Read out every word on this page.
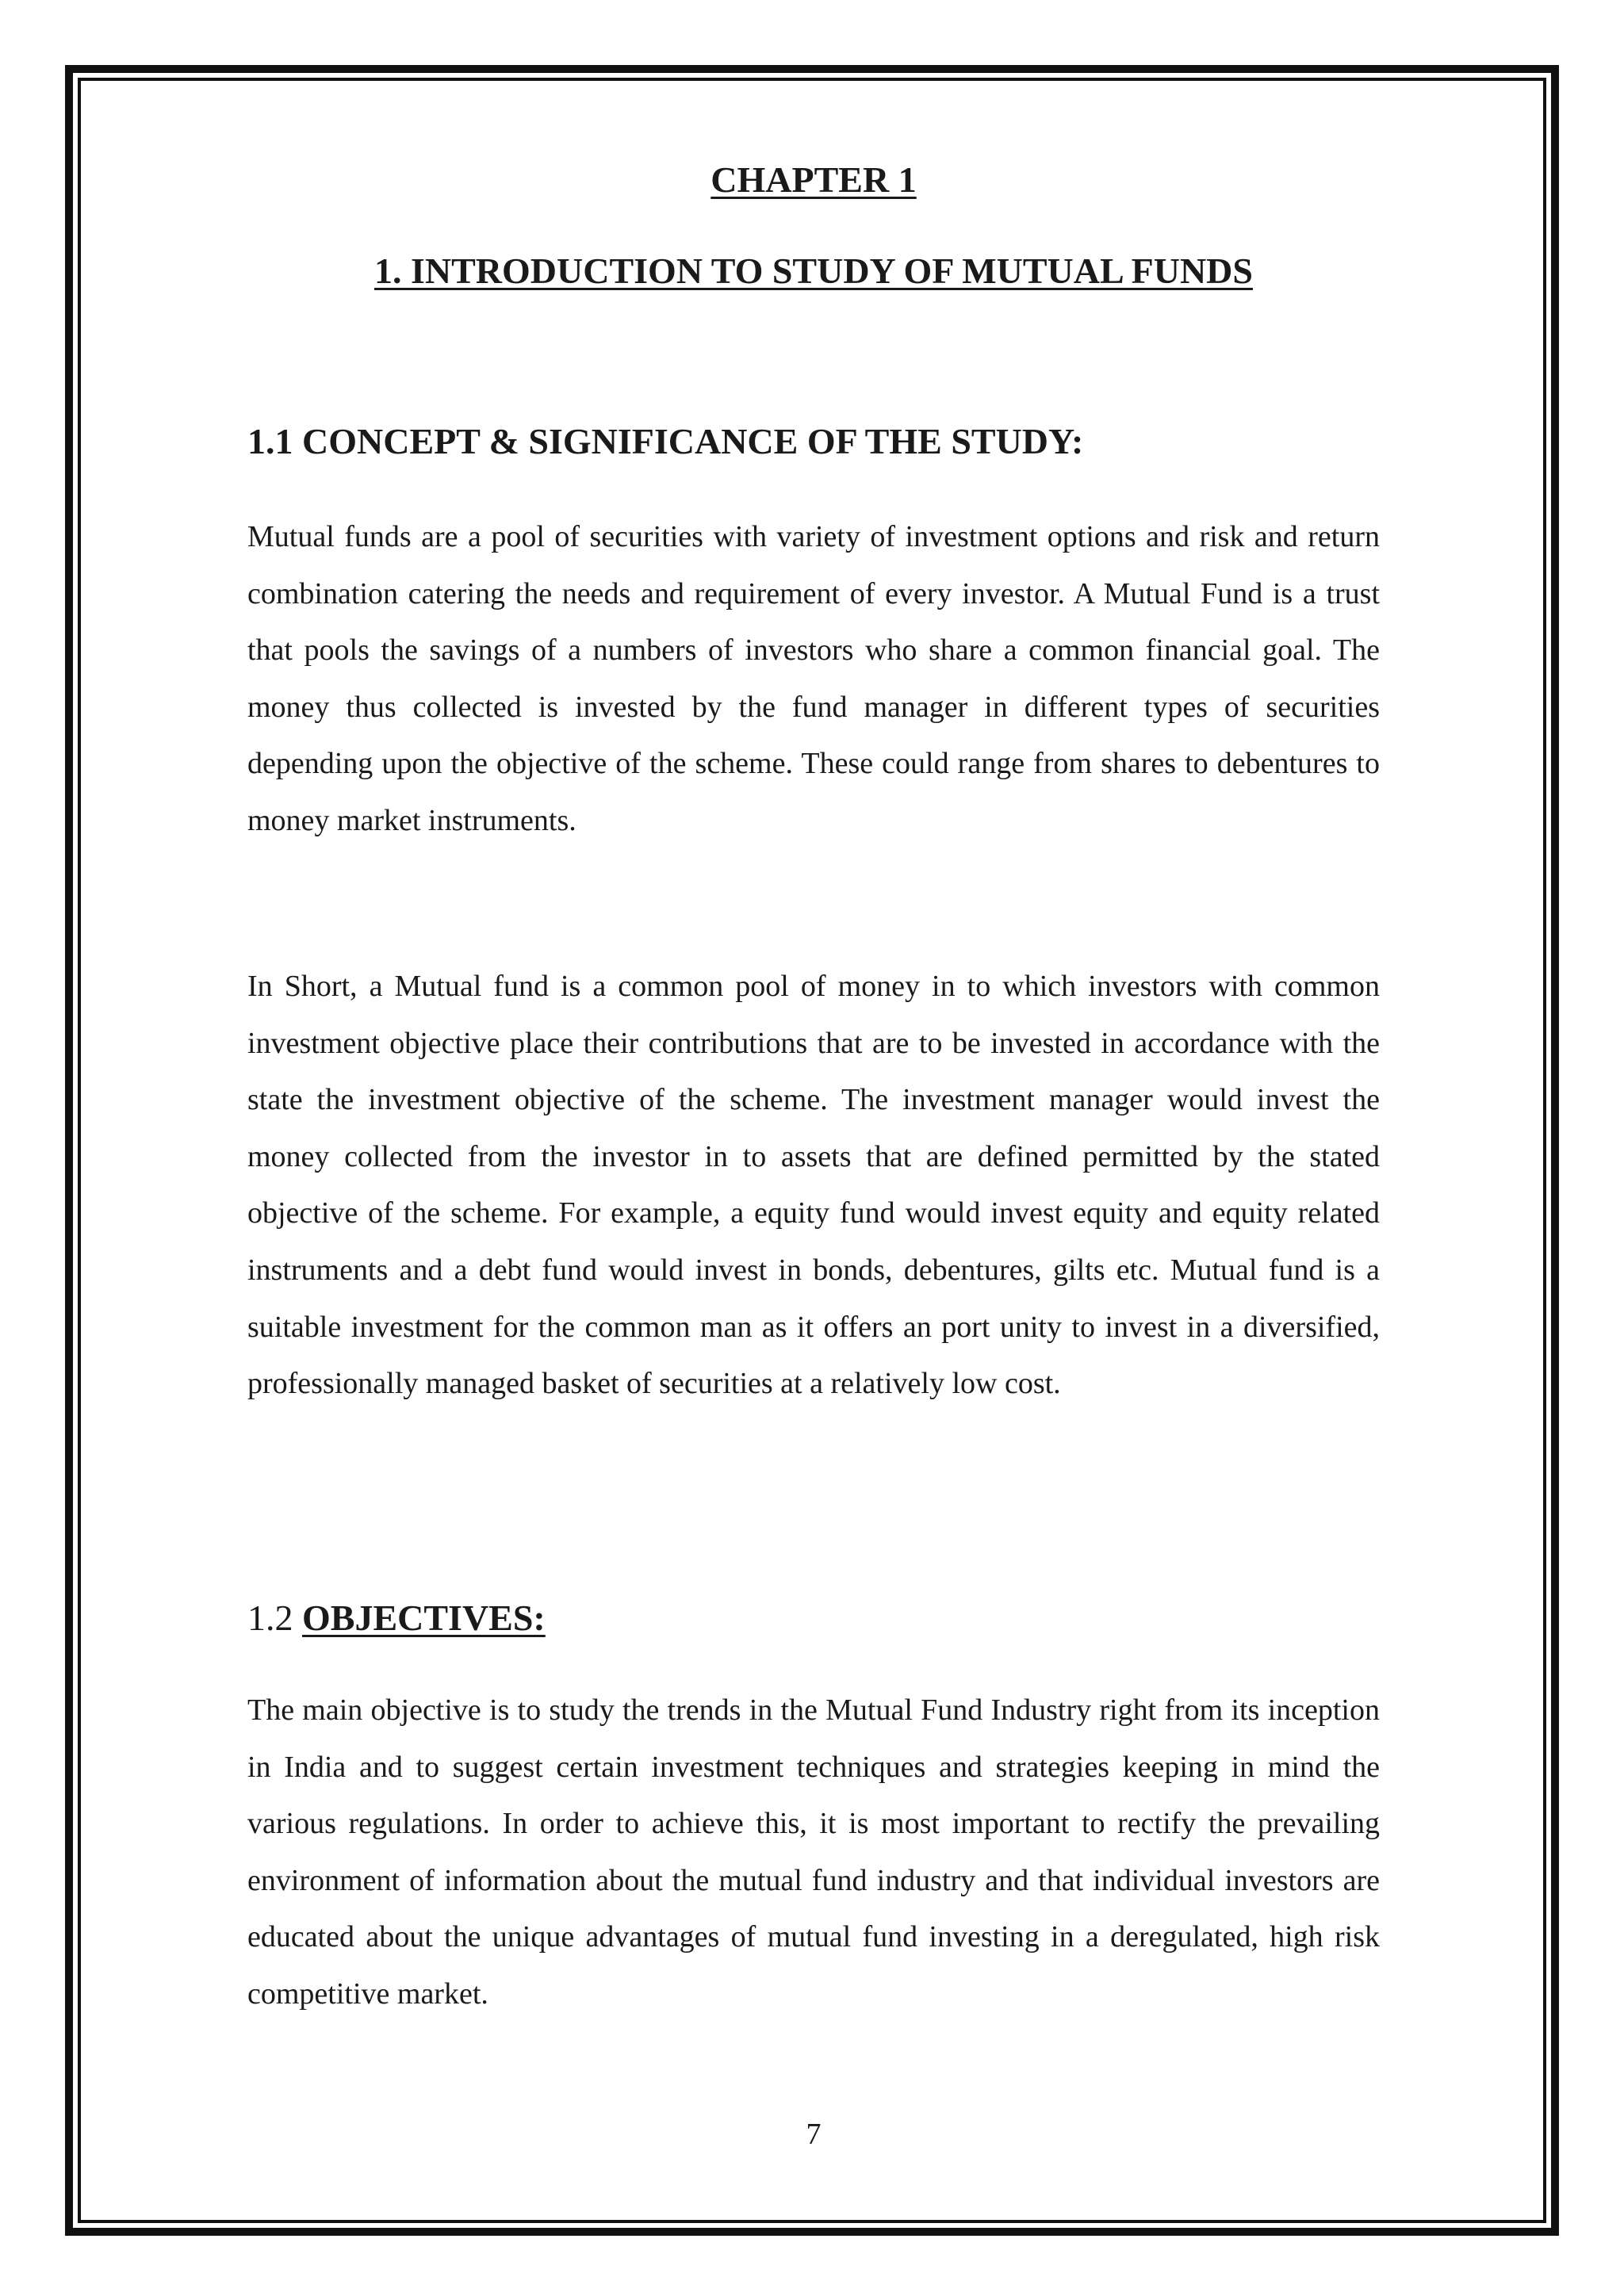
CHAPTER 1
1. INTRODUCTION TO STUDY OF MUTUAL FUNDS
1.1 CONCEPT & SIGNIFICANCE OF THE STUDY:

Mutual funds are a pool of securities with variety of investment options and risk and return combination catering the needs and requirement of every investor. A Mutual Fund is a trust that pools the savings of a numbers of investors who share a common financial goal. The money thus collected is invested by the fund manager in different types of securities depending upon the objective of the scheme. These could range from shares to debentures to money market instruments.

In Short, a Mutual fund is a common pool of money in to which investors with common investment objective place their contributions that are to be invested in accordance with the state the investment objective of the scheme. The investment manager would invest the money collected from the investor in to assets that are defined permitted by the stated objective of the scheme. For example, a equity fund would invest equity and equity related instruments and a debt fund would invest in bonds, debentures, gilts etc. Mutual fund is a suitable investment for the common man as it offers an port unity to invest in a diversified, professionally managed basket of securities at a relatively low cost.

1.2 OBJECTIVES:

The main objective is to study the trends in the Mutual Fund Industry right from its inception in India and to suggest certain investment techniques and strategies keeping in mind the various regulations. In order to achieve this, it is most important to rectify the prevailing environment of information about the mutual fund industry and that individual investors are educated about the unique advantages of mutual fund investing in a deregulated, high risk competitive market.

7
